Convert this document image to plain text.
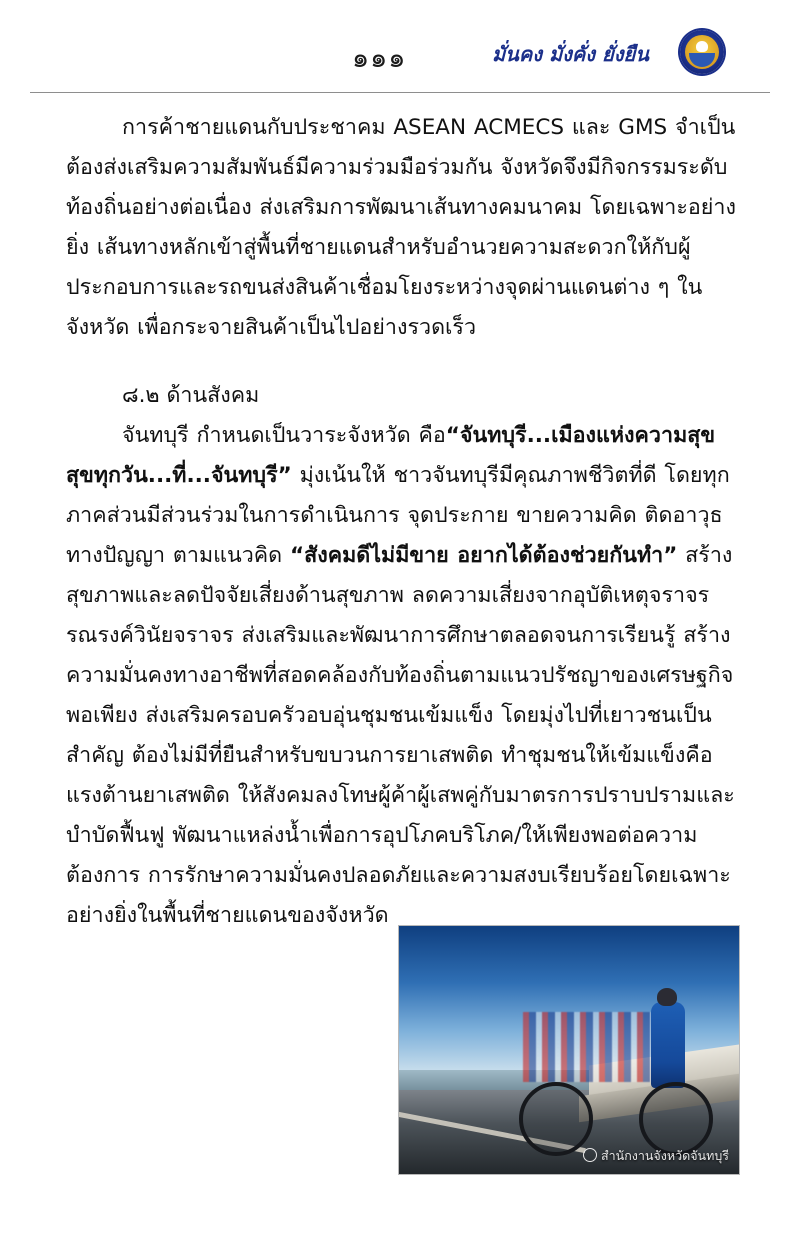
๑๑๑	มั่นคง มั่งคั่ง ยั่งยืน

การค้าชายแดนกับประชาคม ASEAN ACMECS และ GMS จำเป็นต้องส่งเสริมความสัมพันธ์มีความร่วมมือร่วมกัน จังหวัดจึงมีกิจกรรมระดับท้องถิ่นอย่างต่อเนื่อง ส่งเสริมการพัฒนาเส้นทางคมนาคม โดยเฉพาะอย่างยิ่ง เส้นทางหลักเข้าสู่พื้นที่ชายแดนสำหรับอำนวยความสะดวกให้กับผู้ประกอบการและรถขนส่งสินค้าเชื่อมโยงระหว่างจุดผ่านแดนต่าง ๆ ในจังหวัด เพื่อกระจายสินค้าเป็นไปอย่างรวดเร็ว

๘.๒ ด้านสังคม

จันทบุรี กำหนดเป็นวาระจังหวัด คือ“จันทบุรี...เมืองแห่งความสุข สุขทุกวัน...ที่...จันทบุรี” มุ่งเน้นให้ ชาวจันทบุรีมีคุณภาพชีวิตที่ดี โดยทุกภาคส่วนมีส่วนร่วมในการดำเนินการ จุดประกาย ขายความคิด ติดอาวุธทางปัญญา ตามแนวคิด “สังคมดีไม่มีขาย อยากได้ต้องช่วยกันทำ” สร้างสุขภาพและลดปัจจัยเสี่ยงด้านสุขภาพ ลดความเสี่ยงจากอุบัติเหตุจราจร รณรงค์วินัยจราจร ส่งเสริมและพัฒนาการศึกษาตลอดจนการเรียนรู้ สร้างความมั่นคงทางอาชีพที่สอดคล้องกับท้องถิ่นตามแนวปรัชญาของเศรษฐกิจพอเพียง ส่งเสริมครอบครัวอบอุ่นชุมชนเข้มแข็ง โดยมุ่งไปที่เยาวชนเป็นสำคัญ ต้องไม่มีที่ยืนสำหรับขบวนการยาเสพติด ทำชุมชนให้เข้มแข็งคือแรงต้านยาเสพติด ให้สังคมลงโทษผู้ค้าผู้เสพคู่กับมาตรการปราบปรามและบำบัดฟื้นฟู พัฒนาแหล่งน้ำเพื่อการอุปโภคบริโภค/ให้เพียงพอต่อความต้องการ การรักษาความมั่นคงปลอดภัยและความสงบเรียบร้อยโดยเฉพาะอย่างยิ่งในพื้นที่ชายแดนของจังหวัด

สำนักงานจังหวัดจันทบุรี
